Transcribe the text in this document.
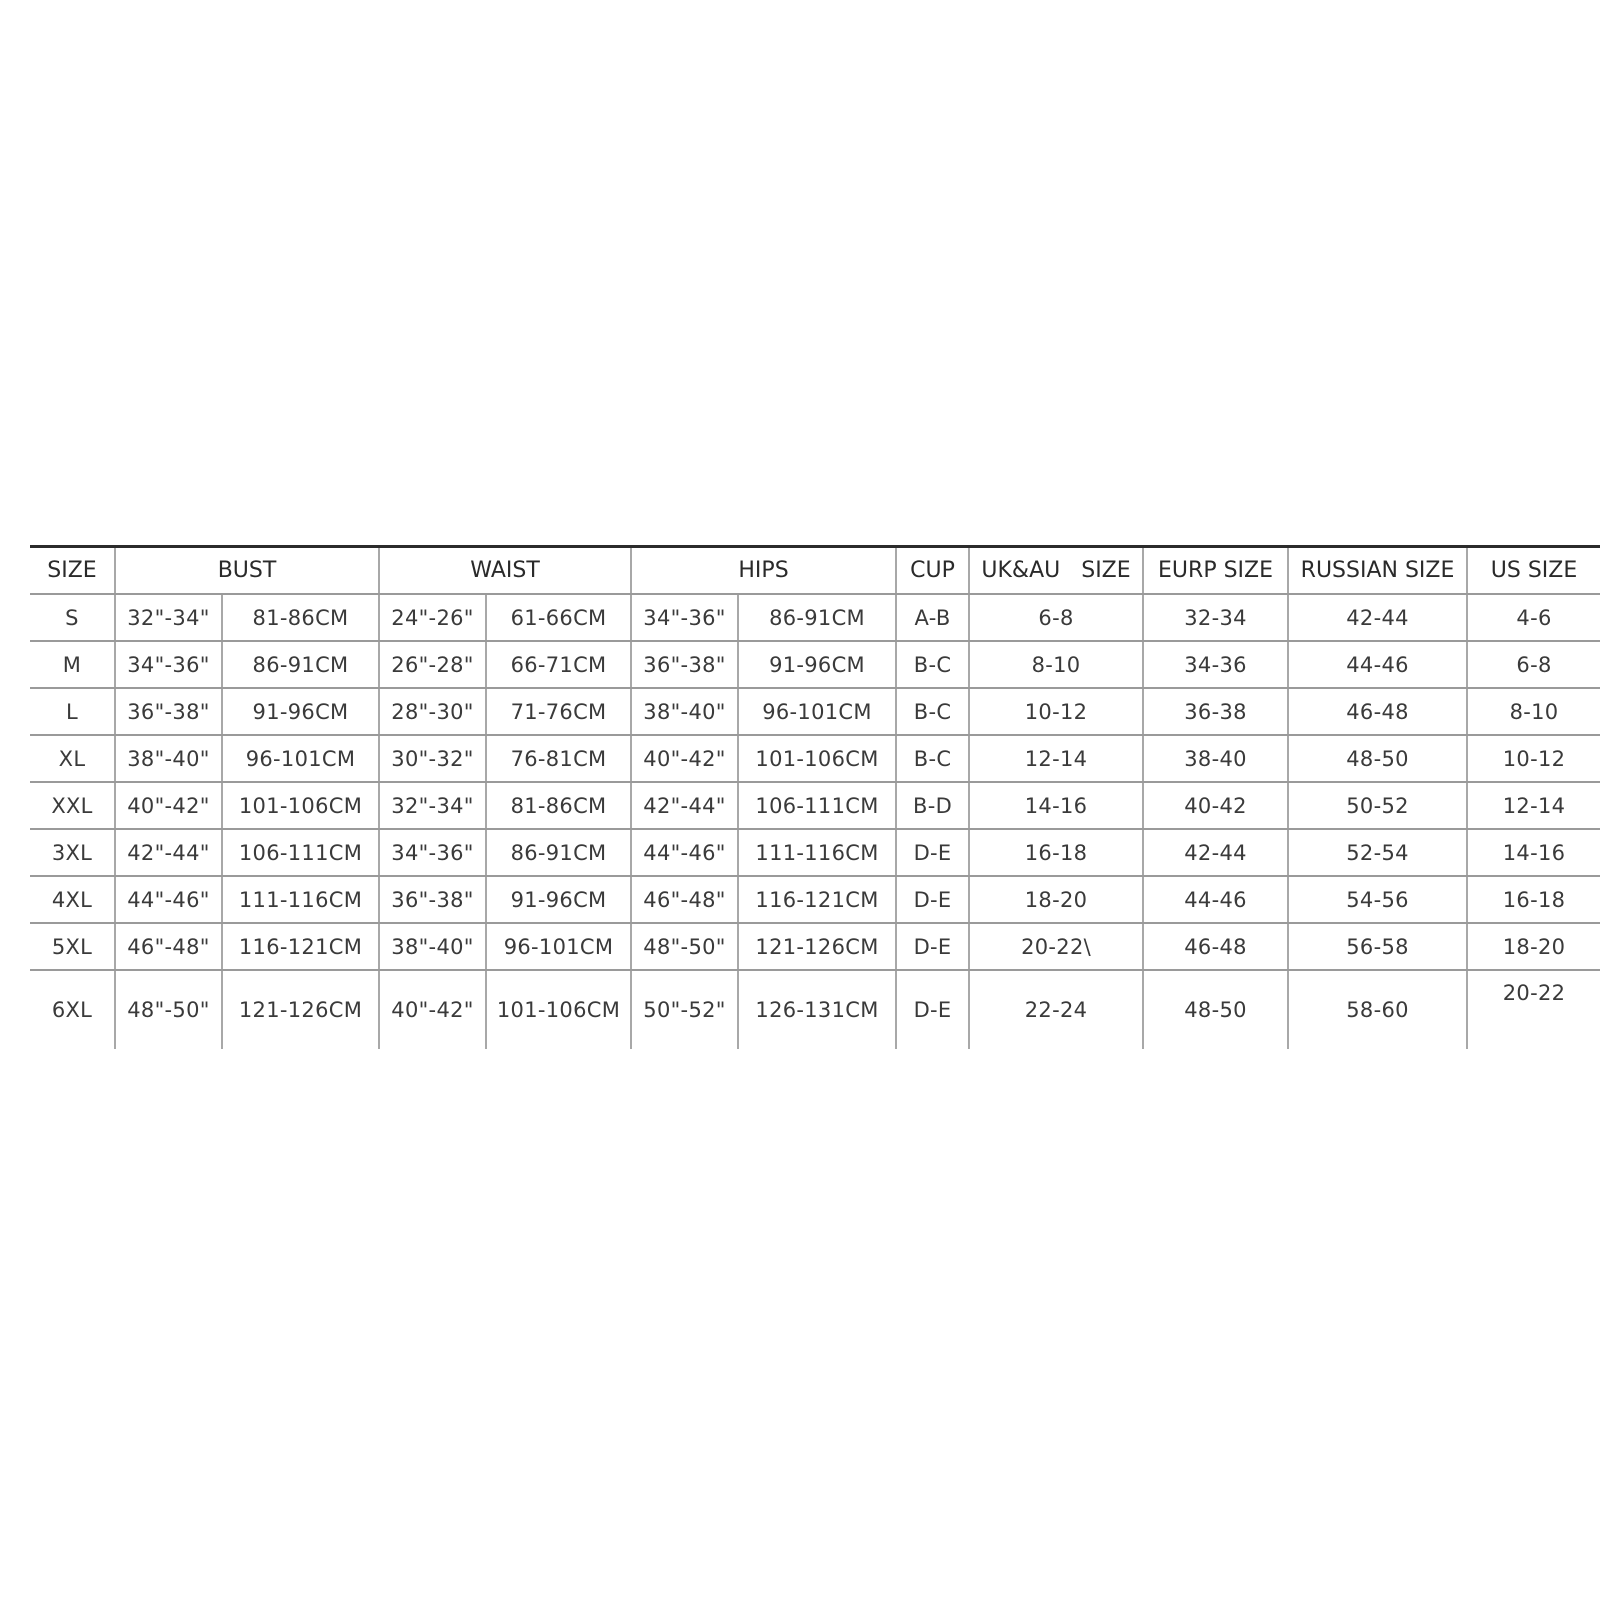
SIZE	BUST		WAIST		HIPS		CUP	UK&AU   SIZE	EURP SIZE	RUSSIAN SIZE	US SIZE
S	32"-34"	81-86CM	24"-26"	61-66CM	34"-36"	86-91CM	A-B	6-8	32-34	42-44	4-6
M	34"-36"	86-91CM	26"-28"	66-71CM	36"-38"	91-96CM	B-C	8-10	34-36	44-46	6-8
L	36"-38"	91-96CM	28"-30"	71-76CM	38"-40"	96-101CM	B-C	10-12	36-38	46-48	8-10
XL	38"-40"	96-101CM	30"-32"	76-81CM	40"-42"	101-106CM	B-C	12-14	38-40	48-50	10-12
XXL	40"-42"	101-106CM	32"-34"	81-86CM	42"-44"	106-111CM	B-D	14-16	40-42	50-52	12-14
3XL	42"-44"	106-111CM	34"-36"	86-91CM	44"-46"	111-116CM	D-E	16-18	42-44	52-54	14-16
4XL	44"-46"	111-116CM	36"-38"	91-96CM	46"-48"	116-121CM	D-E	18-20	44-46	54-56	16-18
5XL	46"-48"	116-121CM	38"-40"	96-101CM	48"-50"	121-126CM	D-E	20-22\	46-48	56-58	18-20
6XL	48"-50"	121-126CM	40"-42"	101-106CM	50"-52"	126-131CM	D-E	22-24	48-50	58-60	20-22
